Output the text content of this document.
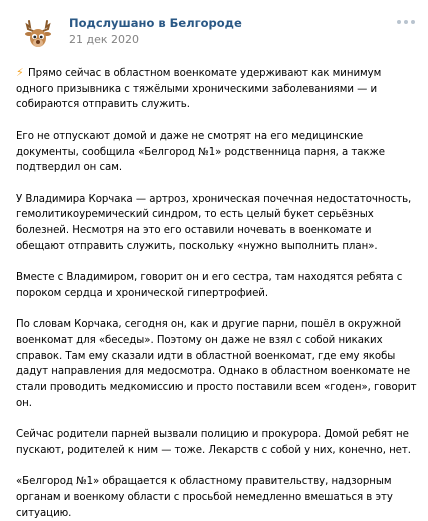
Подслушано в Белгороде
21 дек 2020

⚡ Прямо сейчас в областном военкомате удерживают как минимум одного призывника с тяжёлыми хроническими заболеваниями — и собираются отправить служить.

Его не отпускают домой и даже не смотрят на его медицинские документы, сообщила «Белгород №1» родственница парня, а также подтвердил он сам.

У Владимира Корчака — артроз, хроническая почечная недостаточность, гемолитикоуремический синдром, то есть целый букет серьёзных болезней. Несмотря на это его оставили ночевать в военкомате и обещают отправить служить, поскольку «нужно выполнить план».

Вместе с Владимиром, говорит он и его сестра, там находятся ребята с пороком сердца и хронической гипертрофией.

По словам Корчака, сегодня он, как и другие парни, пошёл в окружной военкомат для «беседы». Поэтому он даже не взял с собой никаких справок. Там ему сказали идти в областной военкомат, где ему якобы дадут направления для медосмотра. Однако в областном военкомате не стали проводить медкомиссию и просто поставили всем «годен», говорит он.

Сейчас родители парней вызвали полицию и прокурора. Домой ребят не пускают, родителей к ним — тоже. Лекарств с собой у них, конечно, нет.

«Белгород №1» обращается к областному правительству, надзорным органам и военкому области с просьбой немедленно вмешаться в эту ситуацию.
